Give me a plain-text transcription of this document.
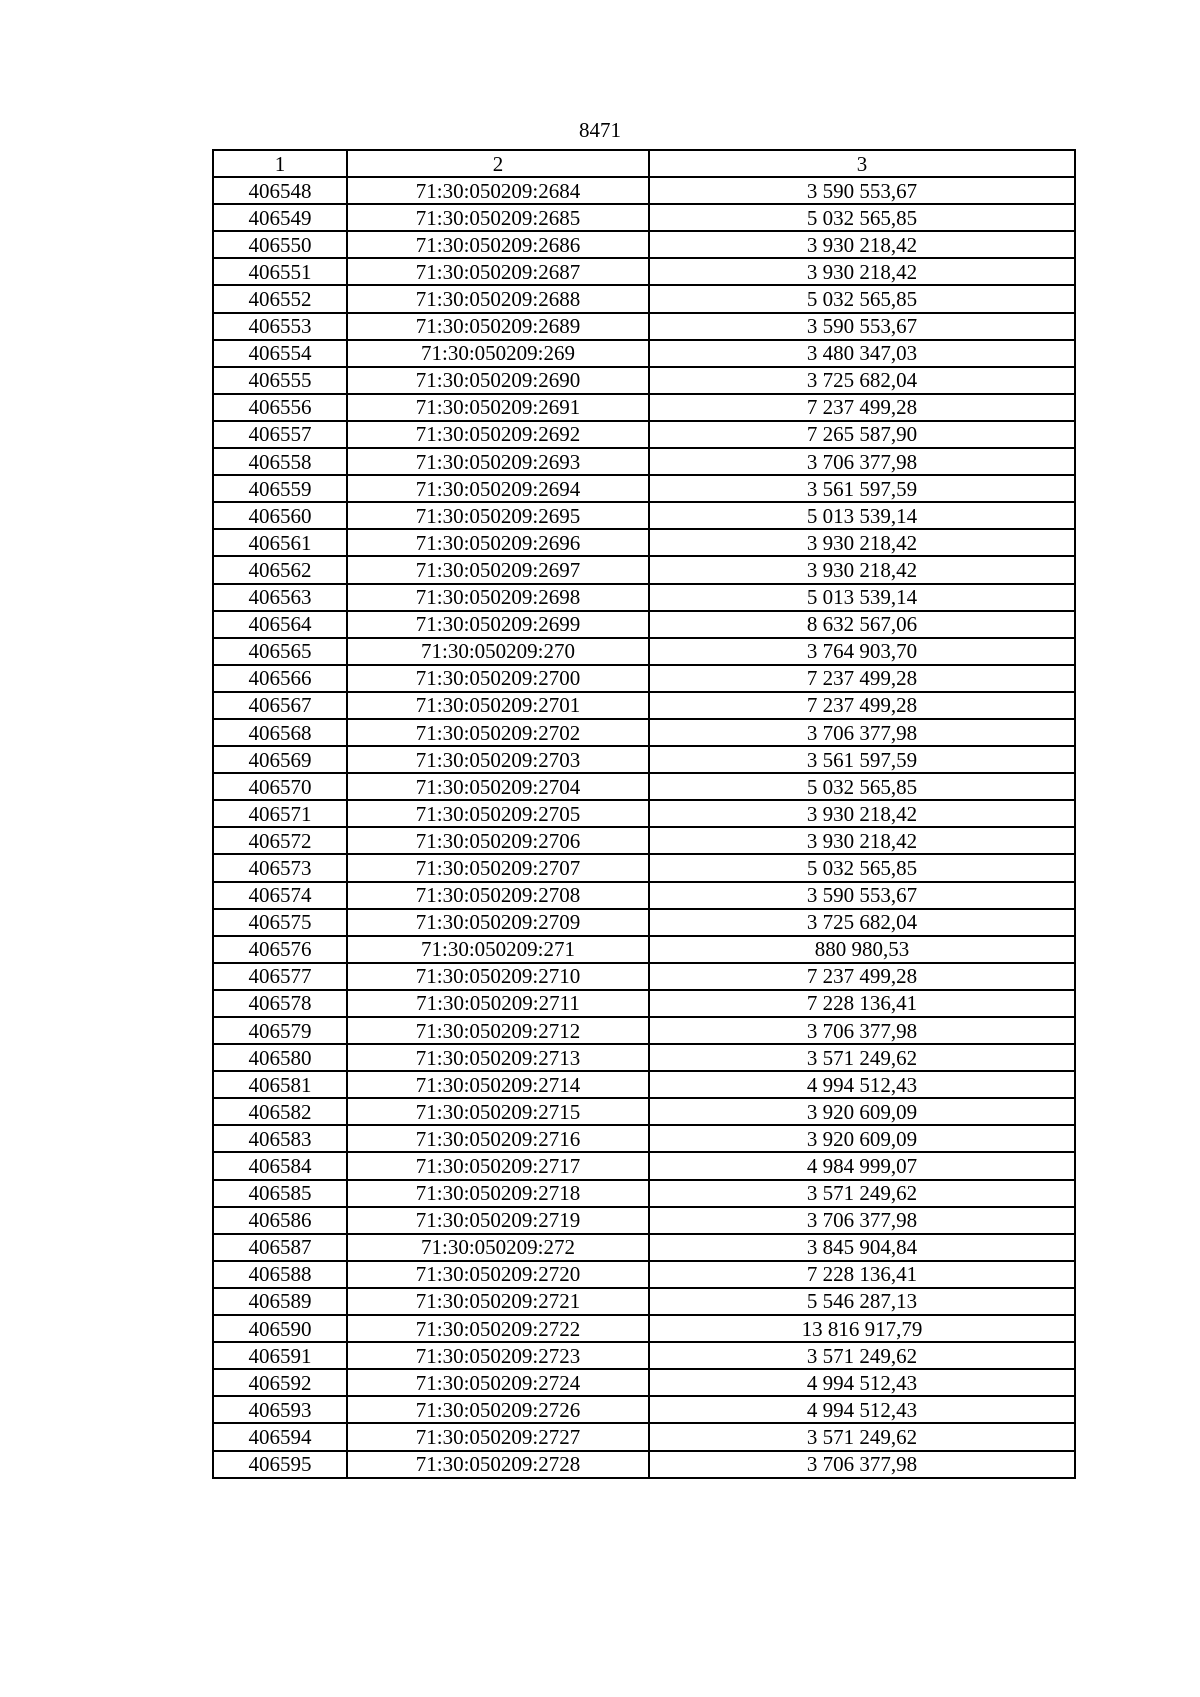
8471
1	2	3
406548	71:30:050209:2684	3 590 553,67
406549	71:30:050209:2685	5 032 565,85
406550	71:30:050209:2686	3 930 218,42
406551	71:30:050209:2687	3 930 218,42
406552	71:30:050209:2688	5 032 565,85
406553	71:30:050209:2689	3 590 553,67
406554	71:30:050209:269	3 480 347,03
406555	71:30:050209:2690	3 725 682,04
406556	71:30:050209:2691	7 237 499,28
406557	71:30:050209:2692	7 265 587,90
406558	71:30:050209:2693	3 706 377,98
406559	71:30:050209:2694	3 561 597,59
406560	71:30:050209:2695	5 013 539,14
406561	71:30:050209:2696	3 930 218,42
406562	71:30:050209:2697	3 930 218,42
406563	71:30:050209:2698	5 013 539,14
406564	71:30:050209:2699	8 632 567,06
406565	71:30:050209:270	3 764 903,70
406566	71:30:050209:2700	7 237 499,28
406567	71:30:050209:2701	7 237 499,28
406568	71:30:050209:2702	3 706 377,98
406569	71:30:050209:2703	3 561 597,59
406570	71:30:050209:2704	5 032 565,85
406571	71:30:050209:2705	3 930 218,42
406572	71:30:050209:2706	3 930 218,42
406573	71:30:050209:2707	5 032 565,85
406574	71:30:050209:2708	3 590 553,67
406575	71:30:050209:2709	3 725 682,04
406576	71:30:050209:271	880 980,53
406577	71:30:050209:2710	7 237 499,28
406578	71:30:050209:2711	7 228 136,41
406579	71:30:050209:2712	3 706 377,98
406580	71:30:050209:2713	3 571 249,62
406581	71:30:050209:2714	4 994 512,43
406582	71:30:050209:2715	3 920 609,09
406583	71:30:050209:2716	3 920 609,09
406584	71:30:050209:2717	4 984 999,07
406585	71:30:050209:2718	3 571 249,62
406586	71:30:050209:2719	3 706 377,98
406587	71:30:050209:272	3 845 904,84
406588	71:30:050209:2720	7 228 136,41
406589	71:30:050209:2721	5 546 287,13
406590	71:30:050209:2722	13 816 917,79
406591	71:30:050209:2723	3 571 249,62
406592	71:30:050209:2724	4 994 512,43
406593	71:30:050209:2726	4 994 512,43
406594	71:30:050209:2727	3 571 249,62
406595	71:30:050209:2728	3 706 377,98
